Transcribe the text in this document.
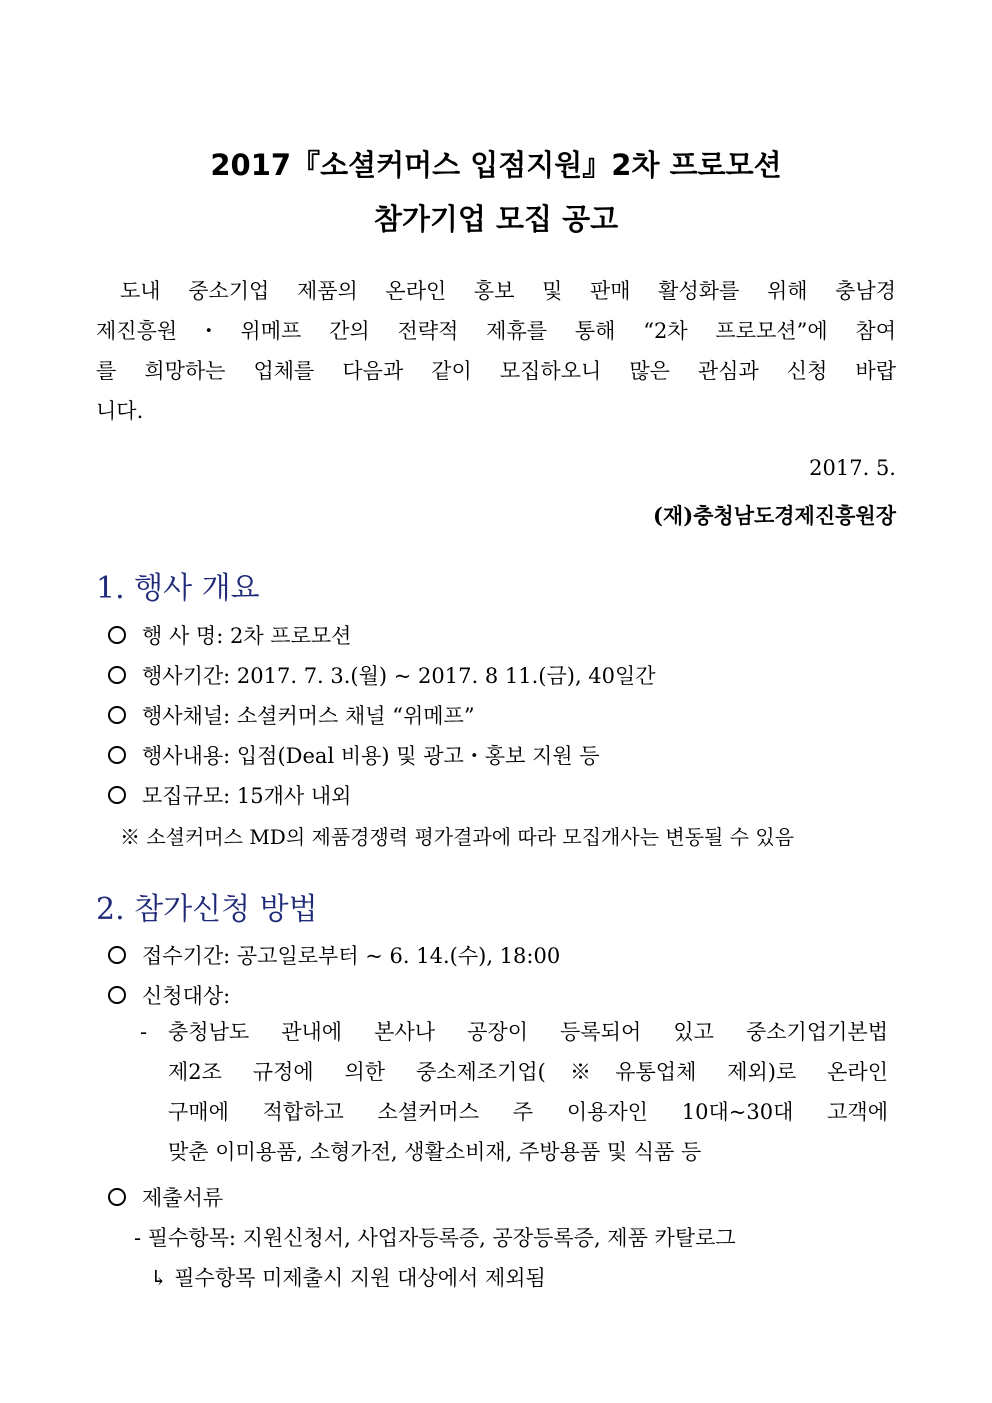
2017『소셜커머스 입점지원』2차 프로모션
참가기업 모집 공고
도내 중소기업 제품의 온라인 홍보 및 판매 활성화를 위해 충남경
제진흥원・위메프 간의 전략적 제휴를 통해 “2차 프로모션”에 참여
를 희망하는 업체를 다음과 같이 모집하오니 많은 관심과 신청 바랍
니다.
2017. 5.
(재)충청남도경제진흥원장
1. 행사 개요
행 사 명: 2차 프로모션
행사기간: 2017. 7. 3.(월) ~ 2017. 8 11.(금), 40일간
행사채널: 소셜커머스 채널 “위메프”
행사내용: 입점(Deal 비용) 및 광고・홍보 지원 등
모집규모: 15개사 내외
※ 소셜커머스 MD의 제품경쟁력 평가결과에 따라 모집개사는 변동될 수 있음
2. 참가신청 방법
접수기간: 공고일로부터 ~ 6. 14.(수), 18:00
신청대상:
- 충청남도 관내에 본사나 공장이 등록되어 있고 중소기업기본법
제2조 규정에 의한 중소제조기업(※유통업체 제외)로 온라인
구매에 적합하고 소셜커머스 주 이용자인 10대~30대 고객에
맞춘 이미용품, 소형가전, 생활소비재, 주방용품 및 식품 등
제출서류
- 필수항목: 지원신청서, 사업자등록증, 공장등록증, 제품 카탈로그
↳ 필수항목 미제출시 지원 대상에서 제외됨
